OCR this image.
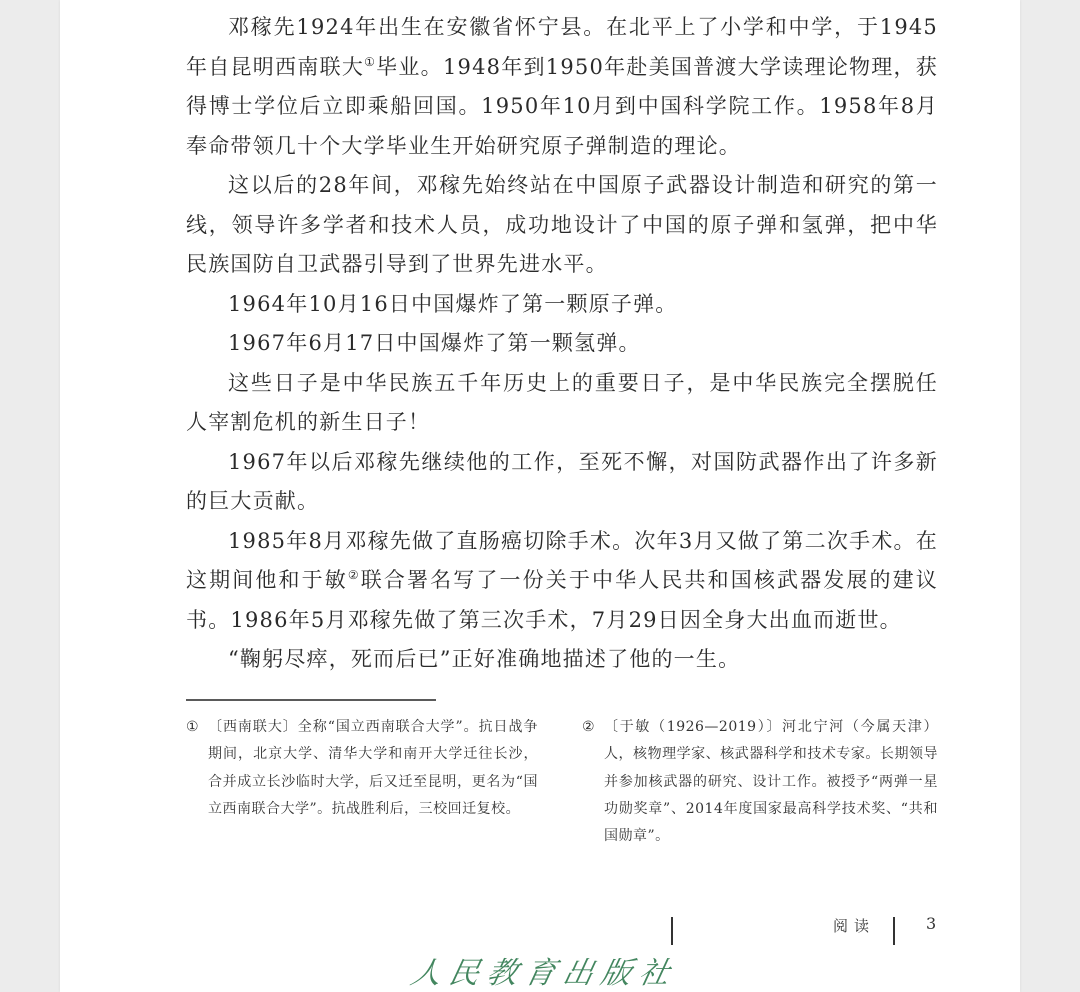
邓稼先1924年出生在安徽省怀宁县。在北平上了小学和中学，于1945年自昆明西南联大①毕业。1948年到1950年赴美国普渡大学读理论物理，获得博士学位后立即乘船回国。1950年10月到中国科学院工作。1958年8月奉命带领几十个大学毕业生开始研究原子弹制造的理论。

这以后的28年间，邓稼先始终站在中国原子武器设计制造和研究的第一线，领导许多学者和技术人员，成功地设计了中国的原子弹和氢弹，把中华民族国防自卫武器引导到了世界先进水平。

1964年10月16日中国爆炸了第一颗原子弹。

1967年6月17日中国爆炸了第一颗氢弹。

这些日子是中华民族五千年历史上的重要日子，是中华民族完全摆脱任人宰割危机的新生日子！

1967年以后邓稼先继续他的工作，至死不懈，对国防武器作出了许多新的巨大贡献。

1985年8月邓稼先做了直肠癌切除手术。次年3月又做了第二次手术。在这期间他和于敏②联合署名写了一份关于中华人民共和国核武器发展的建议书。1986年5月邓稼先做了第三次手术，7月29日因全身大出血而逝世。

“鞠躬尽瘁，死而后已”正好准确地描述了他的一生。

① 〔西南联大〕全称“国立西南联合大学”。抗日战争期间，北京大学、清华大学和南开大学迁往长沙，合并成立长沙临时大学，后又迁至昆明，更名为“国立西南联合大学”。抗战胜利后，三校回迁复校。
② 〔于敏（1926—2019）〕河北宁河（今属天津）人，核物理学家、核武器科学和技术专家。长期领导并参加核武器的研究、设计工作。被授予“两弹一星功勋奖章”、2014年度国家最高科学技术奖、“共和国勋章”。
阅读	3
人民教育出版社
